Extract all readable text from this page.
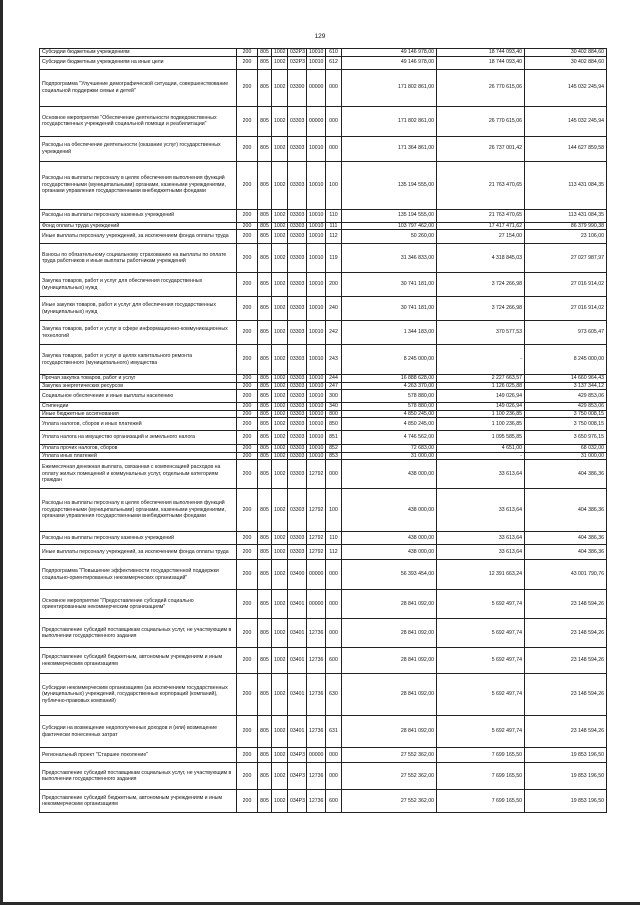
129
Субсидии бюджетным учреждениям	200	805	1002	032P3	10010	610	49 146 978,00	18 744 093,40	30 402 884,60
Субсидии бюджетным учреждениям на иные цели	200	805	1002	032P3	10010	612	49 146 978,00	18 744 093,40	30 402 884,60
Подпрограмма "Улучшение демографической ситуации, совершенствование социальной поддержки семьи и детей"	200	805	1002	03300	00000	000	171 802 861,00	26 770 615,06	145 032 245,94
Основное мероприятие "Обеспечение деятельности подведомственных государственных учреждений социальной помощи и реабилитации"	200	805	1002	03303	00000	000	171 802 861,00	26 770 615,06	145 032 245,94
Расходы на обеспечение деятельности (оказание услуг) государственных учреждений	200	805	1002	03303	10010	000	171 364 861,00	26 737 001,42	144 627 859,58
Расходы на выплаты персоналу в целях обеспечения выполнения функций государственными (муниципальными) органами, казенными учреждениями, органами управления государственными внебюджетными фондами	200	805	1002	03303	10010	100	135 194 555,00	21 763 470,65	113 431 084,35
Расходы на выплаты персоналу казенных учреждений	200	805	1002	03303	10010	110	135 194 555,00	21 763 470,65	113 431 084,35
Фонд оплаты труда учреждений	200	805	1002	03303	10010	111	103 797 462,00	17 417 471,62	86 379 990,38
Иные выплаты персоналу учреждений, за исключением фонда оплаты труда	200	805	1002	03303	10010	112	50 260,00	27 154,00	23 106,00
Взносы по обязательному социальному страхованию на выплаты по оплате труда работников и иные выплаты работникам учреждений	200	805	1002	03303	10010	119	31 346 833,00	4 318 845,03	27 027 987,97
Закупка товаров, работ и услуг для обеспечения государственных (муниципальных) нужд	200	805	1002	03303	10010	200	30 741 181,00	3 724 266,98	27 016 914,02
Иные закупки товаров, работ и услуг для обеспечения государственных (муниципальных) нужд	200	805	1002	03303	10010	240	30 741 181,00	3 724 266,98	27 016 914,02
Закупка товаров, работ и услуг в сфере информационно-коммуникационных технологий	200	805	1002	03303	10010	242	1 344 183,00	370 577,53	973 605,47
Закупка товаров, работ и услуг в целях капитального ремонта государственного (муниципального) имущества	200	805	1002	03303	10010	243	8 245 000,00	-	8 245 000,00
Прочая закупка товаров, работ и услуг	200	805	1002	03303	10010	244	16 888 628,00	2 227 663,57	14 660 964,43
Закупка энергетических ресурсов	200	805	1002	03303	10010	247	4 263 370,00	1 126 025,88	3 137 344,12
Социальное обеспечение и иные выплаты населению	200	805	1002	03303	10010	300	578 880,00	149 026,94	429 853,06
Стипендии	200	805	1002	03303	10010	340	578 880,00	149 026,94	429 853,06
Иные бюджетные ассигнования	200	805	1002	03303	10010	800	4 850 245,00	1 100 236,85	3 750 008,15
Уплата налогов, сборов и иных платежей	200	805	1002	03303	10010	850	4 850 245,00	1 100 236,85	3 750 008,15
Уплата налога на имущество организаций и земельного налога	200	805	1002	03303	10010	851	4 746 562,00	1 095 585,85	3 650 976,15
Уплата прочих налогов, сборов	200	805	1002	03303	10010	852	72 683,00	4 651,00	68 032,00
Уплата иных платежей	200	805	1002	03303	10010	853	31 000,00	-	31 000,00
Ежемесячная денежная выплата, связанная с компенсацией расходов на оплату жилых помещений и коммунальных услуг, отдельным категориям граждан	200	805	1002	03303	12792	000	438 000,00	33 613,64	404 386,36
Расходы на выплаты персоналу в целях обеспечения выполнения функций государственными (муниципальными) органами, казенными учреждениями, органами управления государственными внебюджетными фондами	200	805	1002	03303	12792	100	438 000,00	33 613,64	404 386,36
Расходы на выплаты персоналу казенных учреждений	200	805	1002	03303	12792	110	438 000,00	33 613,64	404 386,36
Иные выплаты персоналу учреждений, за исключением фонда оплаты труда	200	805	1002	03303	12792	112	438 000,00	33 613,64	404 386,36
Подпрограмма "Повышение эффективности государственной поддержки социально-ориентированных некоммерческих организаций"	200	805	1002	03400	00000	000	56 393 454,00	12 391 663,24	43 001 790,76
Основное мероприятие "Предоставление субсидий социально ориентированным некоммерческим организациям"	200	805	1002	03401	00000	000	28 841 092,00	5 692 497,74	23 148 594,26
Предоставление субсидий поставщикам социальных услуг, не участвующим в выполнении государственного задания	200	805	1002	03401	12736	000	28 841 092,00	5 692 497,74	23 148 594,26
Предоставление субсидий бюджетным, автономным учреждениям и иным некоммерческим организациям	200	805	1002	03401	12736	600	28 841 092,00	5 692 497,74	23 148 594,26
Субсидии некоммерческим организациям (за исключением государственных (муниципальных) учреждений, государственных корпораций (компаний), публично-правовых компаний)	200	805	1002	03401	12736	630	28 841 092,00	5 692 497,74	23 148 594,26
Субсидии на возмещение недополученных доходов и (или) возмещение фактически понесенных затрат	200	805	1002	03401	12736	631	28 841 092,00	5 692 497,74	23 148 594,26
Региональный проект "Старшее поколение"	200	805	1002	034P3	00000	000	27 552 362,00	7 699 165,50	19 853 196,50
Предоставление субсидий поставщикам социальных услуг, не участвующим в выполнении государственного задания	200	805	1002	034P3	12736	000	27 552 362,00	7 699 165,50	19 853 196,50
Предоставление субсидий бюджетным, автономным учреждениям и иным некоммерческим организациям	200	805	1002	034P3	12736	600	27 552 362,00	7 699 165,50	19 853 196,50
